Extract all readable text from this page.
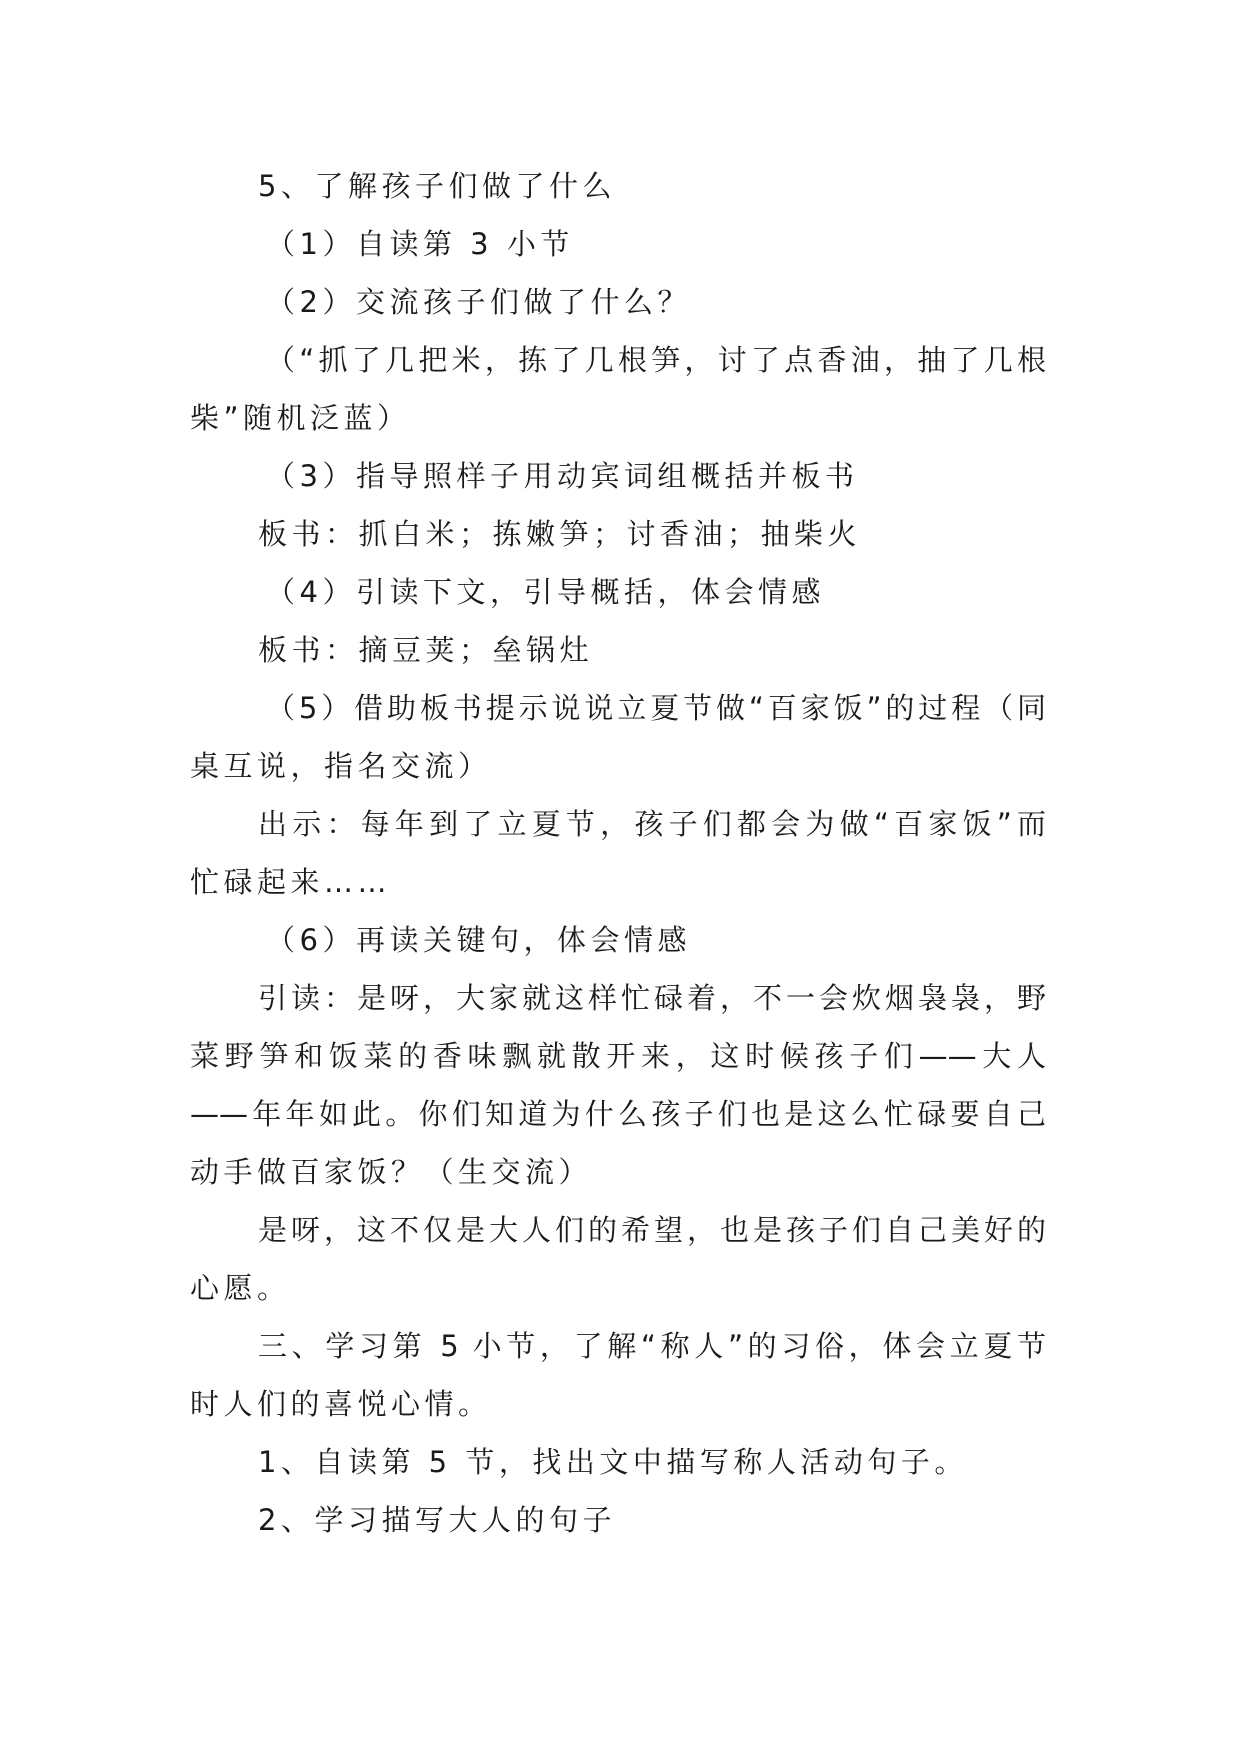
5、了解孩子们做了什么
（1）自读第 3 小节
（2）交流孩子们做了什么？
（“抓了几把米，拣了几根笋，讨了点香油，抽了几根
柴”随机泛蓝）
（3）指导照样子用动宾词组概括并板书
板书：抓白米；拣嫩笋；讨香油；抽柴火
（4）引读下文，引导概括，体会情感
板书：摘豆荚；垒锅灶
（5）借助板书提示说说立夏节做“百家饭”的过程（同
桌互说，指名交流）
出示：每年到了立夏节，孩子们都会为做“百家饭”而
忙碌起来……
（6）再读关键句，体会情感
引读：是呀，大家就这样忙碌着，不一会炊烟袅袅，野
菜野笋和饭菜的香味飘就散开来，这时候孩子们——大人
——年年如此。你们知道为什么孩子们也是这么忙碌要自己
动手做百家饭？（生交流）
是呀，这不仅是大人们的希望，也是孩子们自己美好的
心愿。
三、学习第 5 小节，了解“称人”的习俗，体会立夏节
时人们的喜悦心情。
1、自读第 5 节，找出文中描写称人活动句子。
2、学习描写大人的句子
